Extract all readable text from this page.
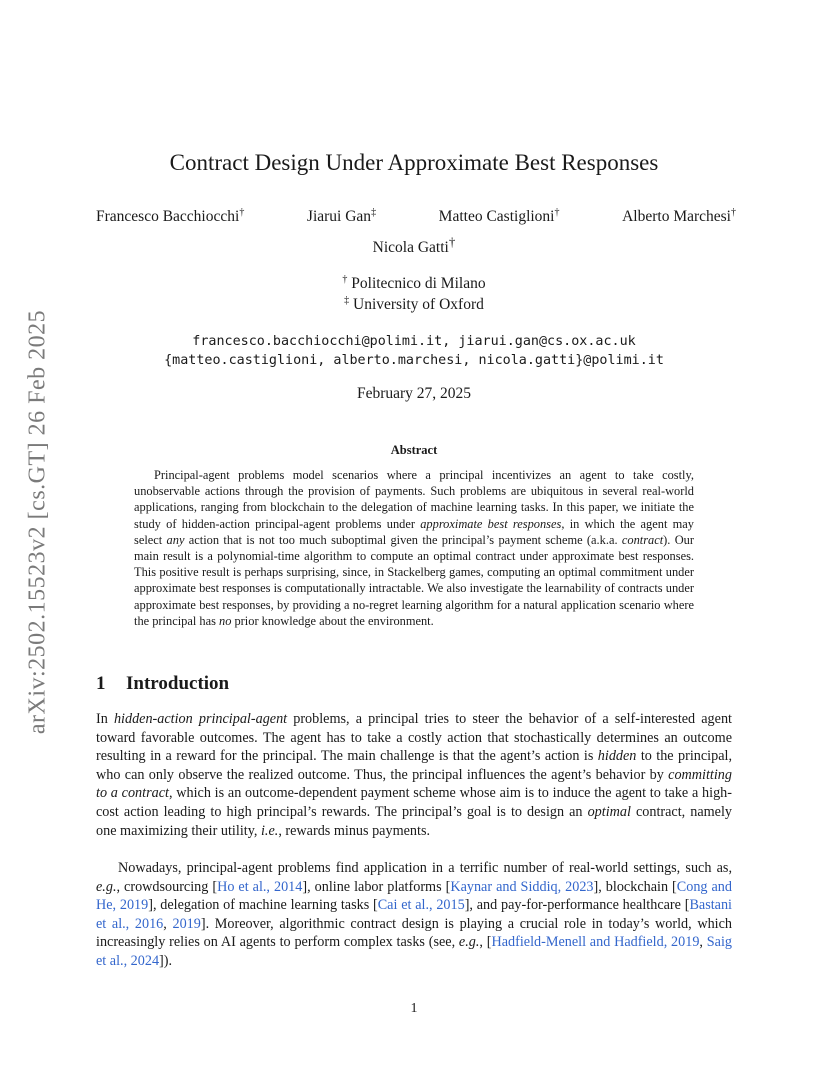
arXiv:2502.15523v2 [cs.GT] 26 Feb 2025
Contract Design Under Approximate Best Responses
Francesco Bacchiocchi†	Jiarui Gan‡	Matteo Castiglioni†	Alberto Marchesi†
Nicola Gatti†
† Politecnico di Milano
‡ University of Oxford
francesco.bacchiocchi@polimi.it, jiarui.gan@cs.ox.ac.uk
{matteo.castiglioni, alberto.marchesi, nicola.gatti}@polimi.it
February 27, 2025
Abstract
Principal-agent problems model scenarios where a principal incentivizes an agent to take costly, unobservable actions through the provision of payments. Such problems are ubiquitous in several real-world applications, ranging from blockchain to the delegation of machine learning tasks. In this paper, we initiate the study of hidden-action principal-agent problems under approximate best responses, in which the agent may select any action that is not too much suboptimal given the principal’s payment scheme (a.k.a. contract). Our main result is a polynomial-time algorithm to compute an optimal contract under approximate best responses. This positive result is perhaps surprising, since, in Stackelberg games, computing an optimal commitment under approximate best responses is computationally intractable. We also investigate the learnability of contracts under approximate best responses, by providing a no-regret learning algorithm for a natural application scenario where the principal has no prior knowledge about the environment.
1 Introduction
In hidden-action principal-agent problems, a principal tries to steer the behavior of a self-interested agent toward favorable outcomes. The agent has to take a costly action that stochastically determines an outcome resulting in a reward for the principal. The main challenge is that the agent’s action is hidden to the principal, who can only observe the realized outcome. Thus, the principal influences the agent’s behavior by committing to a contract, which is an outcome-dependent payment scheme whose aim is to induce the agent to take a high-cost action leading to high principal’s rewards. The principal’s goal is to design an optimal contract, namely one maximizing their utility, i.e., rewards minus payments.
Nowadays, principal-agent problems find application in a terrific number of real-world settings, such as, e.g., crowdsourcing [Ho et al., 2014], online labor platforms [Kaynar and Siddiq, 2023], blockchain [Cong and He, 2019], delegation of machine learning tasks [Cai et al., 2015], and pay-for-performance healthcare [Bastani et al., 2016, 2019]. Moreover, algorithmic contract design is playing a crucial role in today’s world, which increasingly relies on AI agents to perform complex tasks (see, e.g., [Hadfield-Menell and Hadfield, 2019, Saig et al., 2024]).
1
